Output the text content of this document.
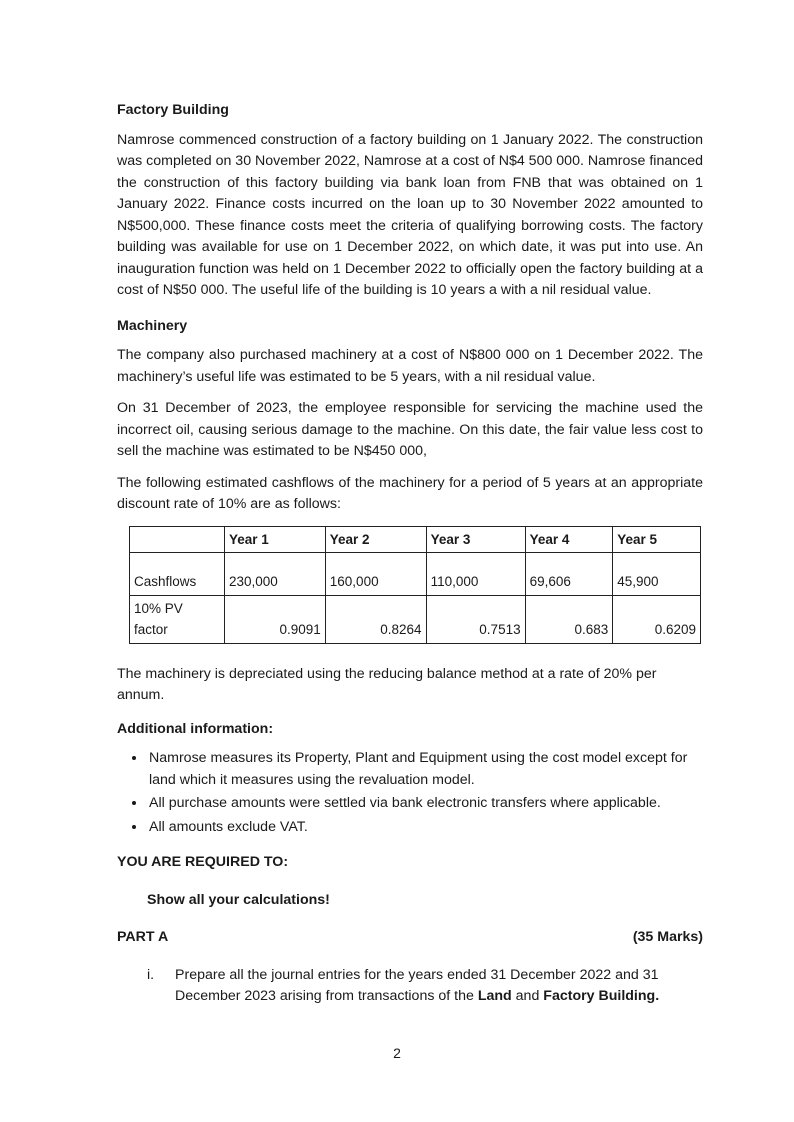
Factory Building

Namrose commenced construction of a factory building on 1 January 2022. The construction was completed on 30 November 2022, Namrose at a cost of N$4 500 000. Namrose financed the construction of this factory building via bank loan from FNB that was obtained on 1 January 2022. Finance costs incurred on the loan up to 30 November 2022 amounted to N$500,000. These finance costs meet the criteria of qualifying borrowing costs. The factory building was available for use on 1 December 2022, on which date, it was put into use. An inauguration function was held on 1 December 2022 to officially open the factory building at a cost of N$50 000. The useful life of the building is 10 years a with a nil residual value.

Machinery

The company also purchased machinery at a cost of N$800 000 on 1 December 2022. The machinery’s useful life was estimated to be 5 years, with a nil residual value.

On 31 December of 2023, the employee responsible for servicing the machine used the incorrect oil, causing serious damage to the machine. On this date, the fair value less cost to sell the machine was estimated to be N$450 000,

The following estimated cashflows of the machinery for a period of 5 years at an appropriate discount rate of 10% are as follows:

	Year 1	Year 2	Year 3	Year 4	Year 5
Cashflows	230,000	160,000	110,000	69,606	45,900
10% PV
factor	0.9091	0.8264	0.7513	0.683	0.6209

The machinery is depreciated using the reducing balance method at a rate of 20% per annum.

Additional information:
• Namrose measures its Property, Plant and Equipment using the cost model except for land which it measures using the revaluation model.
• All purchase amounts were settled via bank electronic transfers where applicable.
• All amounts exclude VAT.
YOU ARE REQUIRED TO:
Show all your calculations!
PART A	(35 Marks)
i.	Prepare all the journal entries for the years ended 31 December 2022 and 31 December 2023 arising from transactions of the Land and Factory Building.
2
